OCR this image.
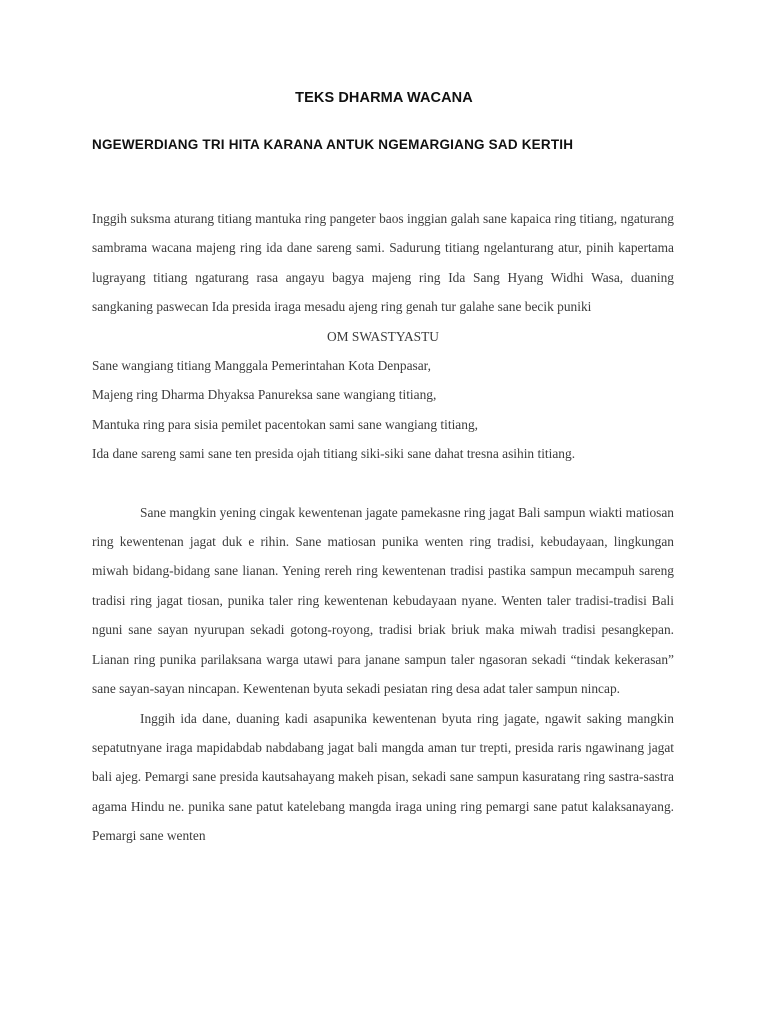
TEKS DHARMA WACANA
NGEWERDIANG TRI HITA KARANA ANTUK NGEMARGIANG SAD KERTIH

Inggih suksma aturang titiang mantuka ring pangeter baos inggian galah sane kapaica ring titiang, ngaturang sambrama wacana majeng ring ida dane sareng sami. Sadurung titiang ngelanturang atur, pinih kapertama lugrayang titiang ngaturang rasa angayu bagya majeng ring Ida Sang Hyang Widhi Wasa, duaning sangkaning paswecan Ida presida iraga mesadu ajeng ring genah tur galahe sane becik puniki

OM SWASTYASTU

Sane wangiang titiang Manggala Pemerintahan Kota Denpasar,

Majeng ring Dharma Dhyaksa Panureksa sane wangiang titiang,

Mantuka ring para sisia pemilet pacentokan sami sane wangiang titiang,

Ida dane sareng sami sane ten presida ojah titiang siki-siki sane dahat tresna asihin titiang.

Sane mangkin yening cingak kewentenan jagate pamekasne ring jagat Bali sampun wiakti matiosan ring kewentenan jagat duk e rihin. Sane matiosan punika wenten ring tradisi, kebudayaan, lingkungan miwah bidang-bidang sane lianan. Yening rereh ring kewentenan tradisi pastika sampun mecampuh sareng tradisi ring jagat tiosan, punika taler ring kewentenan kebudayaan nyane. Wenten taler tradisi-tradisi Bali nguni sane sayan nyurupan sekadi gotong-royong, tradisi briak briuk maka miwah tradisi pesangkepan. Lianan ring punika parilaksana warga utawi para janane sampun taler ngasoran sekadi “tindak kekerasan” sane sayan-sayan nincapan. Kewentenan byuta sekadi pesiatan ring desa adat taler sampun nincap.

Inggih ida dane, duaning kadi asapunika kewentenan byuta ring jagate, ngawit saking mangkin sepatutnyane iraga mapidabdab nabdabang jagat bali mangda aman tur trepti, presida raris ngawinang jagat bali ajeg. Pemargi sane presida kautsahayang makeh pisan, sekadi sane sampun kasuratang ring sastra-sastra agama Hindu ne. punika sane patut katelebang mangda iraga uning ring pemargi sane patut kalaksanayang. Pemargi sane wenten
